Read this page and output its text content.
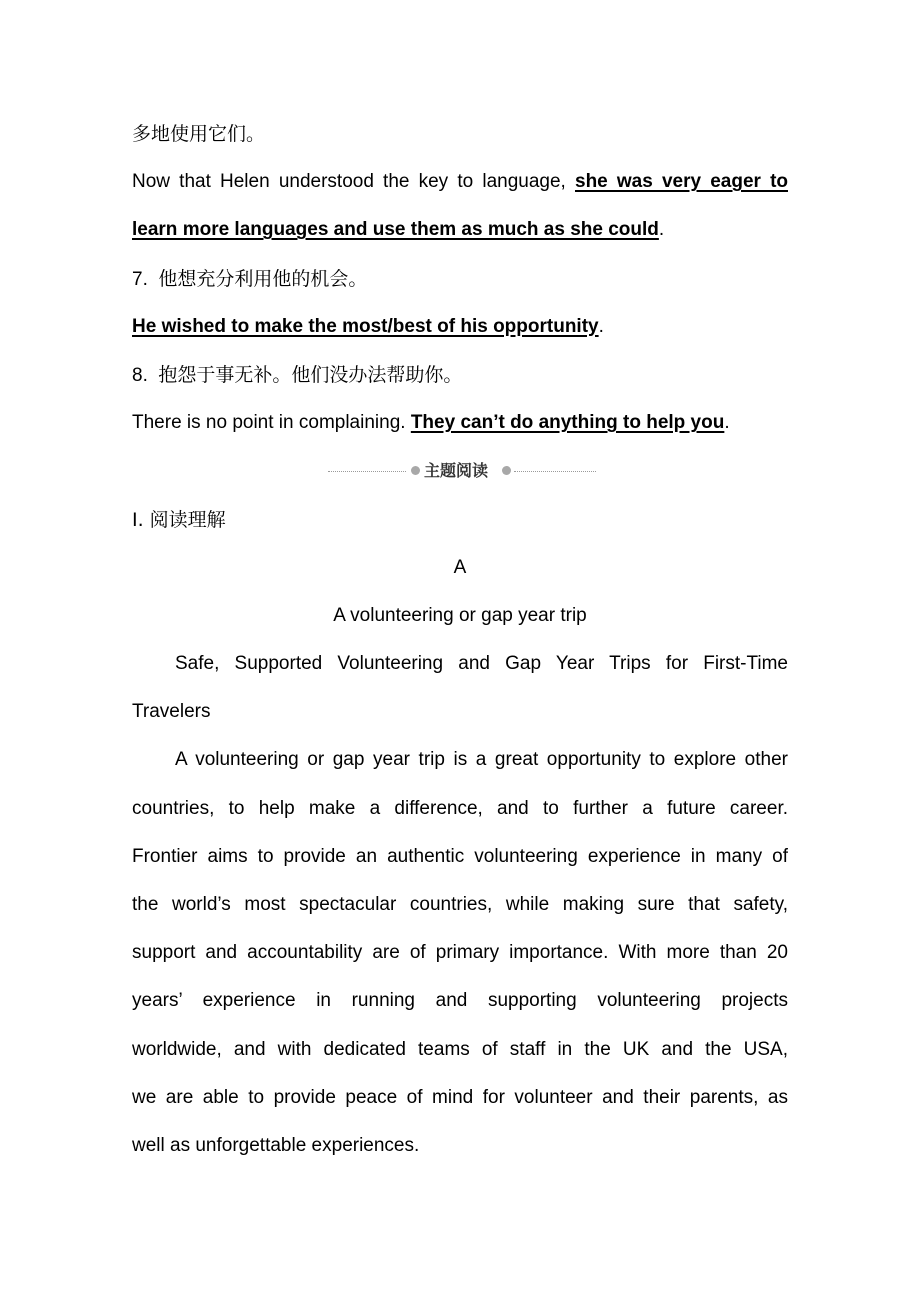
多地使用它们。
Now that Helen understood the key to language, she was very eager to
learn more languages and use them as much as she could.
7. 他想充分利用他的机会。
He wished to make the most/best of his opportunity.
8. 抱怨于事无补。他们没办法帮助你。
There is no point in complaining. They can’t do anything to help you.
主题阅读
Ⅰ. 阅读理解
A
A volunteering or gap year trip
Safe, Supported Volunteering and Gap Year Trips for First-Time
Travelers
A volunteering or gap year trip is a great opportunity to explore other
countries, to help make a difference, and to further a future career.
Frontier aims to provide an authentic volunteering experience in many of
the world’s most spectacular countries, while making sure that safety,
support and accountability are of primary importance. With more than 20
years’ experience in running and supporting volunteering projects
worldwide, and with dedicated teams of staff in the UK and the USA,
we are able to provide peace of mind for volunteer and their parents, as
well as unforgettable experiences.
